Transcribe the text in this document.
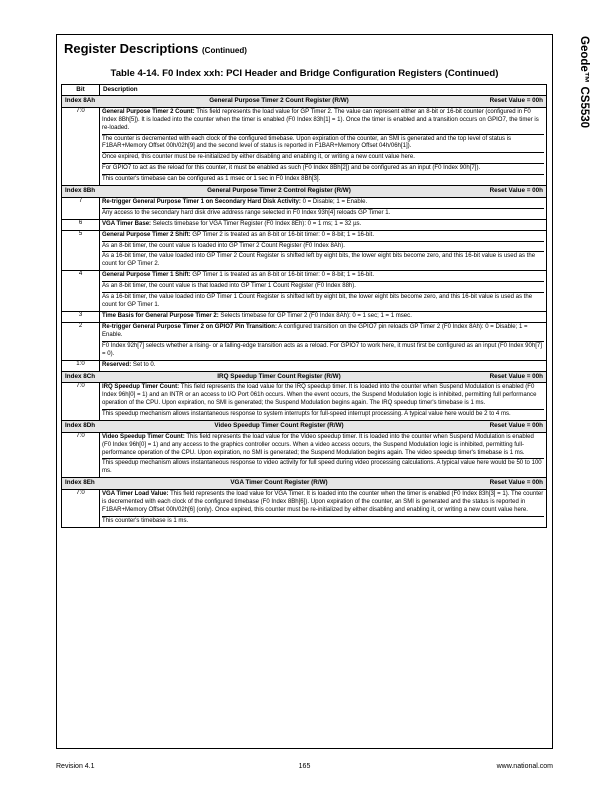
Geode™ CS5530
Register Descriptions (Continued)
Table 4-14. F0 Index xxh: PCI Header and Bridge Configuration Registers (Continued)
Bit	Description

Index 8Ah General Purpose Timer 2 Count Register (R/W) Reset Value = 00h	

7:0	General Purpose Timer 2 Count: This field represents the load value for GP Timer 2. The value can represent either an 8-bit or 16-bit counter (configured in F0 Index 8Bh[5]). It is loaded into the counter when the timer is enabled (F0 Index 83h[1] = 1). Once the timer is enabled and a transition occurs on GPIO7, the timer is re-loaded.

The counter is decremented with each clock of the configured timebase. Upon expiration of the counter, an SMI is generated and the top level of status is F1BAR+Memory Offset 00h/02h[9] and the second level of status is reported in F1BAR+Memory Offset 04h/06h[1]).

Once expired, this counter must be re-initialized by either disabling and enabling it, or writing a new count value here.

For GPIO7 to act as the reload for this counter, it must be enabled as such (F0 Index 8Bh[2]) and be configured as an input (F0 Index 90h[7]).

This counter's timebase can be configured as 1 msec or 1 sec in F0 Index 8Bh[3].

Index 8Bh General Purpose Timer 2 Control Register (R/W) Reset Value = 00h	

7	Re-trigger General Purpose Timer 1 on Secondary Hard Disk Activity: 0 = Disable; 1 = Enable.

Any access to the secondary hard disk drive address range selected in F0 Index 93h[4] reloads GP Timer 1.

6	VGA Timer Base: Selects timebase for VGA Timer Register (F0 Index 8Eh): 0 = 1 ms; 1 = 32 µs.

5	General Purpose Timer 2 Shift: GP Timer 2 is treated as an 8-bit or 16-bit timer: 0 = 8-bit; 1 = 16-bit.

As an 8-bit timer, the count value is loaded into GP Timer 2 Count Register (F0 Index 8Ah).

As a 16-bit timer, the value loaded into GP Timer 2 Count Register is shifted left by eight bits, the lower eight bits become zero, and this 16-bit value is used as the count for GP Timer 2.

4	General Purpose Timer 1 Shift: GP Timer 1 is treated as an 8-bit or 16-bit timer: 0 = 8-bit; 1 = 16-bit.

As an 8-bit timer, the count value is that loaded into GP Timer 1 Count Register (F0 Index 88h).

As a 16-bit timer, the value loaded into GP Timer 1 Count Register is shifted left by eight bit, the lower eight bits become zero, and this 16-bit value is used as the count for GP Timer 1.

3	Time Basis for General Purpose Timer 2: Selects timebase for GP Timer 2 (F0 Index 8Ah): 0 = 1 sec; 1 = 1 msec.

2	Re-trigger General Purpose Timer 2 on GPIO7 Pin Transition: A configured transition on the GPIO7 pin reloads GP Timer 2 (F0 Index 8Ah): 0 = Disable; 1 = Enable.

F0 Index 92h[7] selects whether a rising- or a falling-edge transition acts as a reload. For GPIO7 to work here, it must first be configured as an input (F0 Index 90h[7] = 0).

1:0	Reserved: Set to 0.

Index 8Ch IRQ Speedup Timer Count Register (R/W) Reset Value = 00h	

7:0	IRQ Speedup Timer Count: This field represents the load value for the IRQ speedup timer. It is loaded into the counter when Suspend Modulation is enabled (F0 Index 96h[0] = 1) and an INTR or an access to I/O Port 061h occurs. When the event occurs, the Suspend Modulation logic is inhibited, permitting full performance operation of the CPU. Upon expiration, no SMI is generated; the Suspend Modulation begins again. The IRQ speedup timer's timebase is 1 ms.

This speedup mechanism allows instantaneous response to system interrupts for full-speed interrupt processing. A typical value here would be 2 to 4 ms.

Index 8Dh Video Speedup Timer Count Register (R/W) Reset Value = 00h	

7:0	Video Speedup Timer Count: This field represents the load value for the Video speedup timer. It is loaded into the counter when Suspend Modulation is enabled (F0 Index 96h[0] = 1) and any access to the graphics controller occurs. When a video access occurs, the Suspend Modulation logic is inhibited, permitting full-performance operation of the CPU. Upon expiration, no SMI is generated; the Suspend Modulation begins again. The video speedup timer's timebase is 1 ms.

This speedup mechanism allows instantaneous response to video activity for full speed during video processing calculations. A typical value here would be 50 to 100 ms.

Index 8Eh VGA Timer Count Register (R/W) Reset Value = 00h	

7:0	VGA Timer Load Value: This field represents the load value for VGA Timer. It is loaded into the counter when the timer is enabled (F0 Index 83h[3] = 1). The counter is decremented with each clock of the configured timebase (F0 Index 8Bh[6]). Upon expiration of the counter, an SMI is generated and the status is reported in F1BAR+Memory Offset 00h/02h[6] (only). Once expired, this counter must be re-initialized by either disabling and enabling it, or writing a new count value here.

This counter's timebase is 1 ms.

Revision 4.1	165	www.national.com
